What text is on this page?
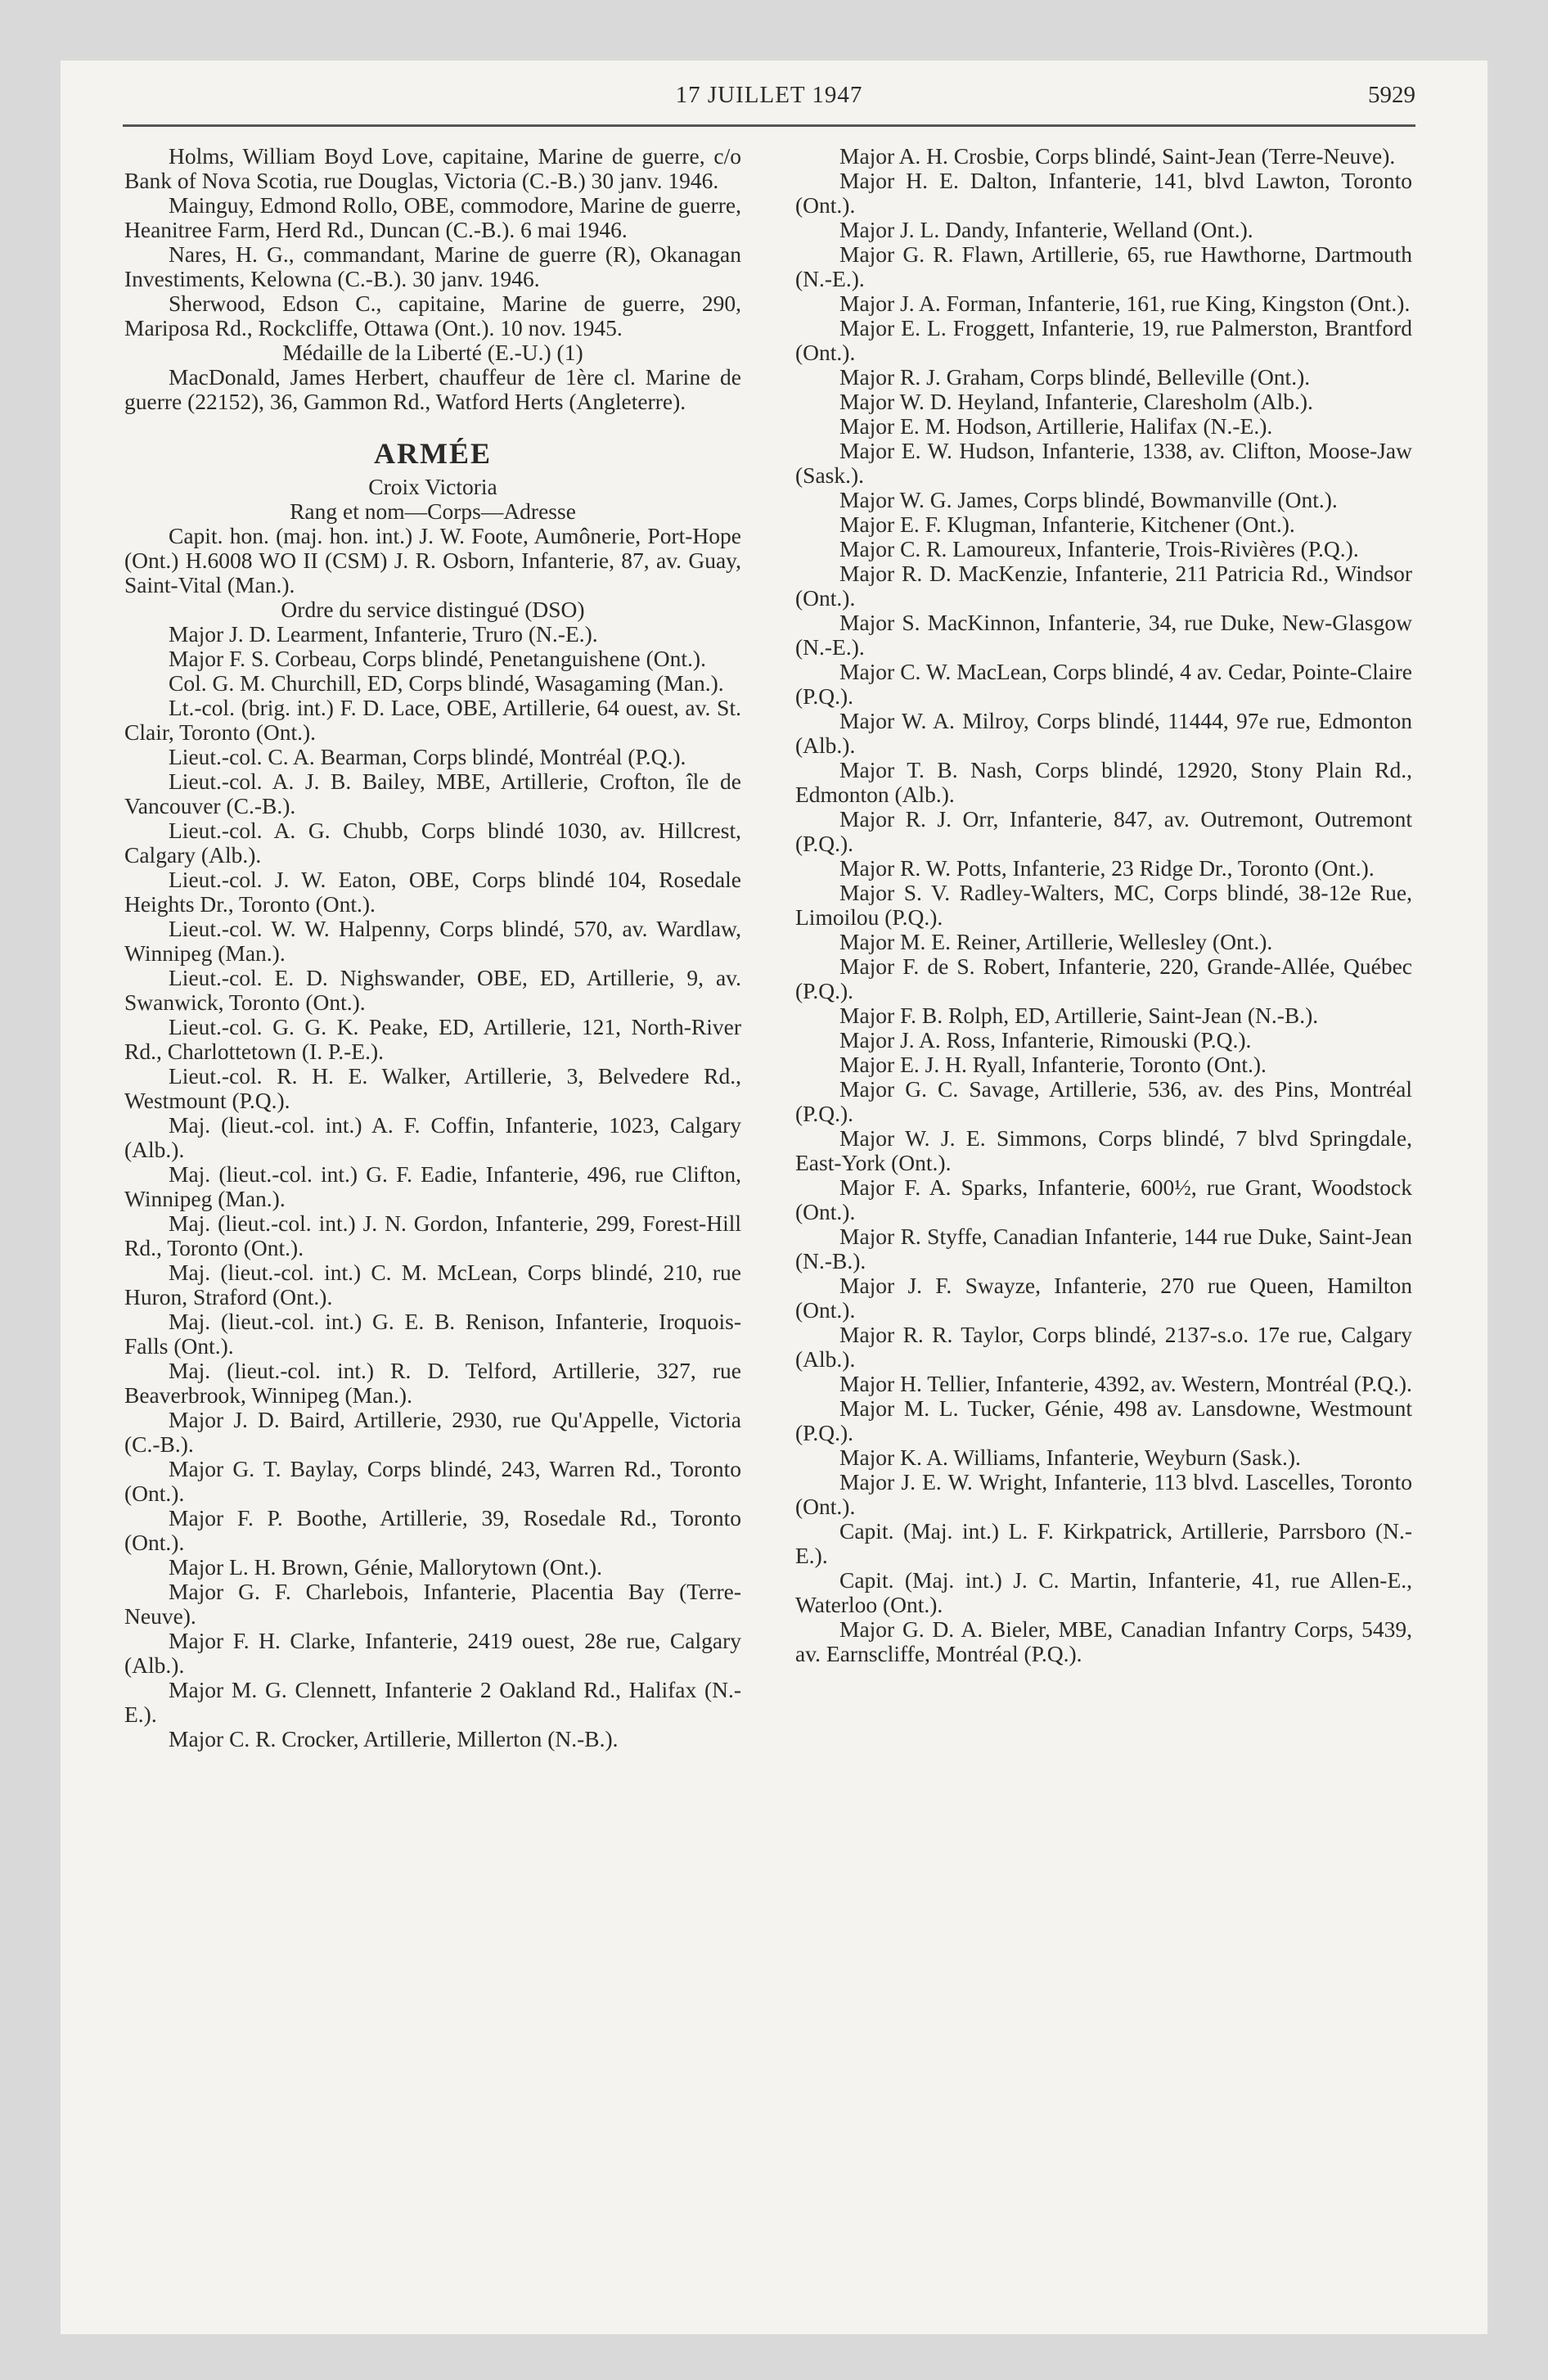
17 JUILLET 1947	5929

Holms, William Boyd Love, capitaine, Marine de guerre, c/o Bank of Nova Scotia, rue Douglas, Victoria (C.-B.) 30 janv. 1946.

Mainguy, Edmond Rollo, OBE, commodore, Marine de guerre, Heanitree Farm, Herd Rd., Duncan (C.-B.). 6 mai 1946.

Nares, H. G., commandant, Marine de guerre (R), Okanagan Investiments, Kelowna (C.-B.). 30 janv. 1946.

Sherwood, Edson C., capitaine, Marine de guerre, 290, Mariposa Rd., Rockcliffe, Ottawa (Ont.). 10 nov. 1945.

Médaille de la Liberté (E.-U.) (1)

MacDonald, James Herbert, chauffeur de 1ère cl. Marine de guerre (22152), 36, Gammon Rd., Watford Herts (Angleterre).

ARMÉE

Croix Victoria

Rang et nom—Corps—Adresse

Capit. hon. (maj. hon. int.) J. W. Foote, Aumônerie, Port-Hope (Ont.) H.6008 WO II (CSM) J. R. Osborn, Infanterie, 87, av. Guay, Saint-Vital (Man.).

Ordre du service distingué (DSO)

Major J. D. Learment, Infanterie, Truro (N.-E.).

Major F. S. Corbeau, Corps blindé, Penetanguishene (Ont.).

Col. G. M. Churchill, ED, Corps blindé, Wasagaming (Man.).

Lt.-col. (brig. int.) F. D. Lace, OBE, Artillerie, 64 ouest, av. St. Clair, Toronto (Ont.).

Lieut.-col. C. A. Bearman, Corps blindé, Montréal (P.Q.).

Lieut.-col. A. J. B. Bailey, MBE, Artillerie, Crofton, île de Vancouver (C.-B.).

Lieut.-col. A. G. Chubb, Corps blindé 1030, av. Hillcrest, Calgary (Alb.).

Lieut.-col. J. W. Eaton, OBE, Corps blindé 104, Rosedale Heights Dr., Toronto (Ont.).

Lieut.-col. W. W. Halpenny, Corps blindé, 570, av. Wardlaw, Winnipeg (Man.).

Lieut.-col. E. D. Nighswander, OBE, ED, Artillerie, 9, av. Swanwick, Toronto (Ont.).

Lieut.-col. G. G. K. Peake, ED, Artillerie, 121, North-River Rd., Charlottetown (I. P.-E.).

Lieut.-col. R. H. E. Walker, Artillerie, 3, Belvedere Rd., Westmount (P.Q.).

Maj. (lieut.-col. int.) A. F. Coffin, Infanterie, 1023, Calgary (Alb.).

Maj. (lieut.-col. int.) G. F. Eadie, Infanterie, 496, rue Clifton, Winnipeg (Man.).

Maj. (lieut.-col. int.) J. N. Gordon, Infanterie, 299, Forest-Hill Rd., Toronto (Ont.).

Maj. (lieut.-col. int.) C. M. McLean, Corps blindé, 210, rue Huron, Straford (Ont.).

Maj. (lieut.-col. int.) G. E. B. Renison, Infanterie, Iroquois-Falls (Ont.).

Maj. (lieut.-col. int.) R. D. Telford, Artillerie, 327, rue Beaverbrook, Winnipeg (Man.).

Major J. D. Baird, Artillerie, 2930, rue Qu'Appelle, Victoria (C.-B.).

Major G. T. Baylay, Corps blindé, 243, Warren Rd., Toronto (Ont.).

Major F. P. Boothe, Artillerie, 39, Rosedale Rd., Toronto (Ont.).

Major L. H. Brown, Génie, Mallorytown (Ont.).

Major G. F. Charlebois, Infanterie, Placentia Bay (Terre-Neuve).

Major F. H. Clarke, Infanterie, 2419 ouest, 28e rue, Calgary (Alb.).

Major M. G. Clennett, Infanterie 2 Oakland Rd., Halifax (N.-E.).

Major C. R. Crocker, Artillerie, Millerton (N.-B.).

Major A. H. Crosbie, Corps blindé, Saint-Jean (Terre-Neuve).

Major H. E. Dalton, Infanterie, 141, blvd Lawton, Toronto (Ont.).

Major J. L. Dandy, Infanterie, Welland (Ont.).

Major G. R. Flawn, Artillerie, 65, rue Hawthorne, Dartmouth (N.-E.).

Major J. A. Forman, Infanterie, 161, rue King, Kingston (Ont.).

Major E. L. Froggett, Infanterie, 19, rue Palmerston, Brantford (Ont.).

Major R. J. Graham, Corps blindé, Belleville (Ont.).

Major W. D. Heyland, Infanterie, Claresholm (Alb.).

Major E. M. Hodson, Artillerie, Halifax (N.-E.).

Major E. W. Hudson, Infanterie, 1338, av. Clifton, Moose-Jaw (Sask.).

Major W. G. James, Corps blindé, Bowmanville (Ont.).

Major E. F. Klugman, Infanterie, Kitchener (Ont.).

Major C. R. Lamoureux, Infanterie, Trois-Rivières (P.Q.).

Major R. D. MacKenzie, Infanterie, 211 Patricia Rd., Windsor (Ont.).

Major S. MacKinnon, Infanterie, 34, rue Duke, New-Glasgow (N.-E.).

Major C. W. MacLean, Corps blindé, 4 av. Cedar, Pointe-Claire (P.Q.).

Major W. A. Milroy, Corps blindé, 11444, 97e rue, Edmonton (Alb.).

Major T. B. Nash, Corps blindé, 12920, Stony Plain Rd., Edmonton (Alb.).

Major R. J. Orr, Infanterie, 847, av. Outremont, Outremont (P.Q.).

Major R. W. Potts, Infanterie, 23 Ridge Dr., Toronto (Ont.).

Major S. V. Radley-Walters, MC, Corps blindé, 38-12e Rue, Limoilou (P.Q.).

Major M. E. Reiner, Artillerie, Wellesley (Ont.).

Major F. de S. Robert, Infanterie, 220, Grande-Allée, Québec (P.Q.).

Major F. B. Rolph, ED, Artillerie, Saint-Jean (N.-B.).

Major J. A. Ross, Infanterie, Rimouski (P.Q.).

Major E. J. H. Ryall, Infanterie, Toronto (Ont.).

Major G. C. Savage, Artillerie, 536, av. des Pins, Montréal (P.Q.).

Major W. J. E. Simmons, Corps blindé, 7 blvd Springdale, East-York (Ont.).

Major F. A. Sparks, Infanterie, 600½, rue Grant, Woodstock (Ont.).

Major R. Styffe, Canadian Infanterie, 144 rue Duke, Saint-Jean (N.-B.).

Major J. F. Swayze, Infanterie, 270 rue Queen, Hamilton (Ont.).

Major R. R. Taylor, Corps blindé, 2137-s.o. 17e rue, Calgary (Alb.).

Major H. Tellier, Infanterie, 4392, av. Western, Montréal (P.Q.).

Major M. L. Tucker, Génie, 498 av. Lansdowne, Westmount (P.Q.).

Major K. A. Williams, Infanterie, Weyburn (Sask.).

Major J. E. W. Wright, Infanterie, 113 blvd. Lascelles, Toronto (Ont.).

Capit. (Maj. int.) L. F. Kirkpatrick, Artillerie, Parrsboro (N.-E.).

Capit. (Maj. int.) J. C. Martin, Infanterie, 41, rue Allen-E., Waterloo (Ont.).

Major G. D. A. Bieler, MBE, Canadian Infantry Corps, 5439, av. Earnscliffe, Montréal (P.Q.).
